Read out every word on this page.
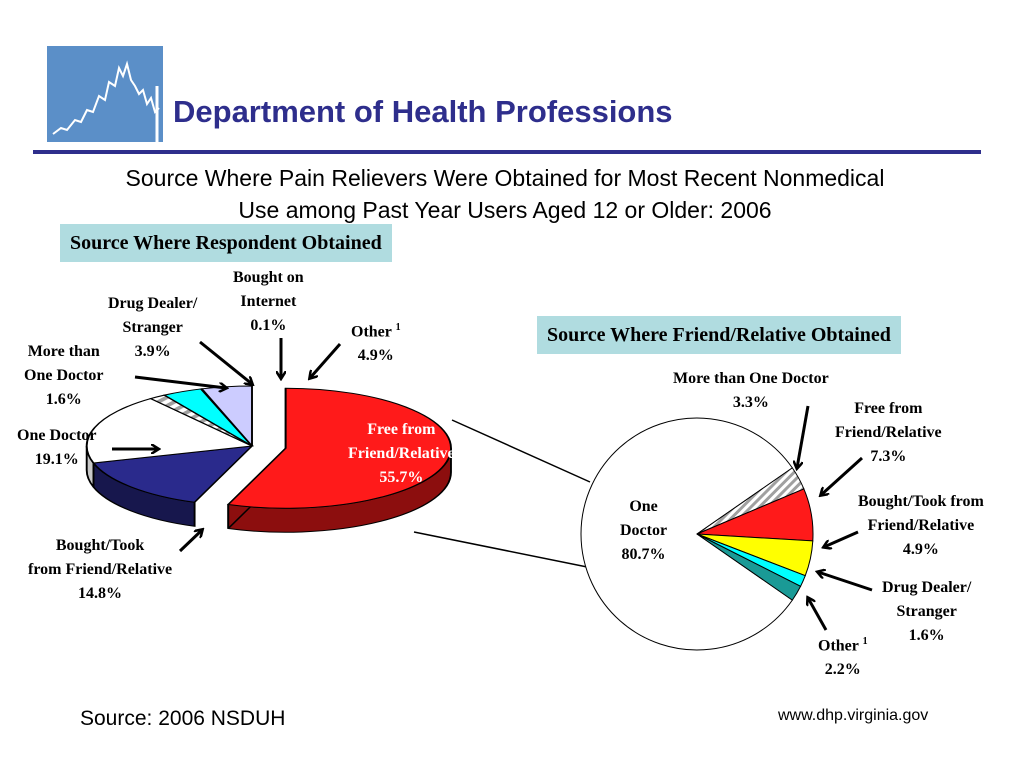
Department of Health Professions
Source Where Pain Relievers Were Obtained for Most Recent Nonmedical
Use among Past Year Users Aged 12 or Older: 2006
Source Where Respondent Obtained
Source Where Friend/Relative Obtained
Free from
Friend/Relative
55.7%
Bought/Took
from Friend/Relative
14.8%
One Doctor
19.1%
More than
One Doctor
1.6%
Drug Dealer/
Stranger
3.9%
Bought on
Internet
0.1%	Other $^1$
4.9%
One
Doctor
80.7%
More than One Doctor
3.3%	Free from
Friend/Relative
7.3%
Bought/Took from
Friend/Relative
4.9%
Drug Dealer/
Stranger
1.6%
Other $^1$
2.2%
Source: 2006 NSDUH	www.dhp.virginia.gov
